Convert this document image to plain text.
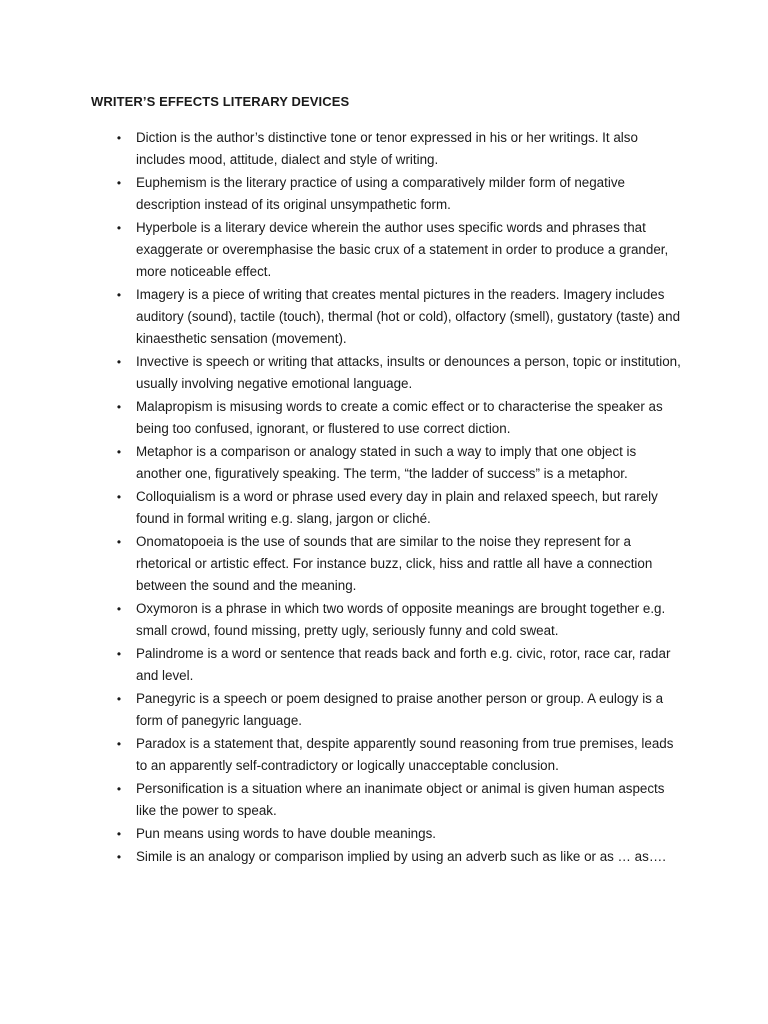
WRITER’S EFFECTS LITERARY DEVICES
• Diction is the author’s distinctive tone or tenor expressed in his or her writings. It also includes mood, attitude, dialect and style of writing.
• Euphemism is the literary practice of using a comparatively milder form of negative description instead of its original unsympathetic form.
• Hyperbole is a literary device wherein the author uses specific words and phrases that exaggerate or overemphasise the basic crux of a statement in order to produce a grander, more noticeable effect.
• Imagery is a piece of writing that creates mental pictures in the readers. Imagery includes auditory (sound), tactile (touch), thermal (hot or cold), olfactory (smell), gustatory (taste) and kinaesthetic sensation (movement).
• Invective is speech or writing that attacks, insults or denounces a person, topic or institution, usually involving negative emotional language.
• Malapropism is misusing words to create a comic effect or to characterise the speaker as being too confused, ignorant, or flustered to use correct diction.
• Metaphor is a comparison or analogy stated in such a way to imply that one object is another one, figuratively speaking. The term, “the ladder of success” is a metaphor.
• Colloquialism is a word or phrase used every day in plain and relaxed speech, but rarely found in formal writing e.g. slang, jargon or cliché.
• Onomatopoeia is the use of sounds that are similar to the noise they represent for a rhetorical or artistic effect. For instance buzz, click, hiss and rattle all have a connection between the sound and the meaning.
• Oxymoron is a phrase in which two words of opposite meanings are brought together e.g. small crowd, found missing, pretty ugly, seriously funny and cold sweat.
• Palindrome is a word or sentence that reads back and forth e.g. civic, rotor, race car, radar and level.
• Panegyric is a speech or poem designed to praise another person or group. A eulogy is a form of panegyric language.
• Paradox is a statement that, despite apparently sound reasoning from true premises, leads to an apparently self-contradictory or logically unacceptable conclusion.
• Personification is a situation where an inanimate object or animal is given human aspects like the power to speak.
• Pun means using words to have double meanings.
• Simile is an analogy or comparison implied by using an adverb such as like or as … as….
